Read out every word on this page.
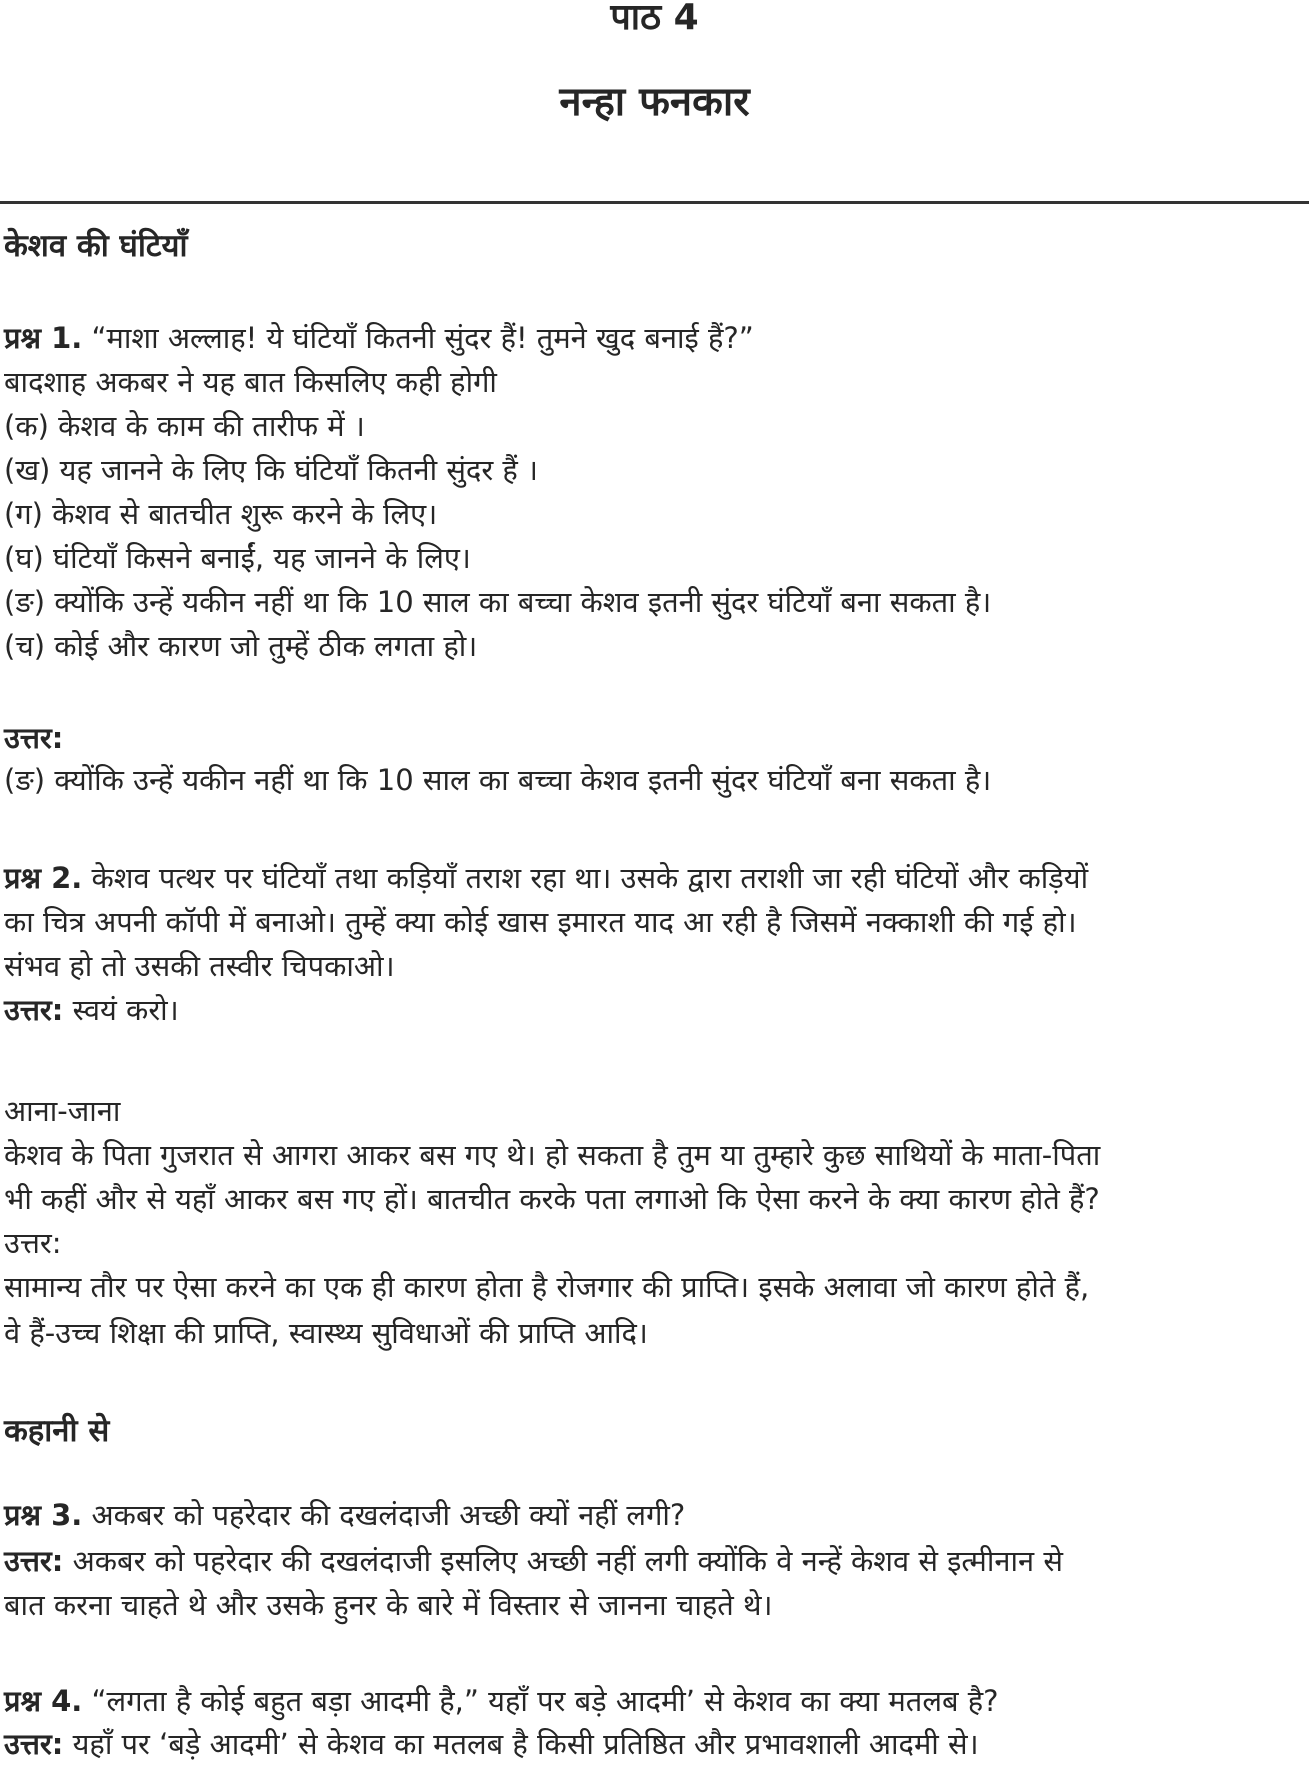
पाठ 4
नन्हा फनकार
केशव की घंटियाँ
प्रश्न 1. “माशा अल्लाह! ये घंटियाँ कितनी सुंदर हैं! तुमने खुद बनाई हैं?”
बादशाह अकबर ने यह बात किसलिए कही होगी
(क) केशव के काम की तारीफ में ।
(ख) यह जानने के लिए कि घंटियाँ कितनी सुंदर हैं ।
(ग) केशव से बातचीत शुरू करने के लिए।
(घ) घंटियाँ किसने बनाईं, यह जानने के लिए।
(ङ) क्योंकि उन्हें यकीन नहीं था कि 10 साल का बच्चा केशव इतनी सुंदर घंटियाँ बना सकता है।
(च) कोई और कारण जो तुम्हें ठीक लगता हो।
उत्तर:
(ङ) क्योंकि उन्हें यकीन नहीं था कि 10 साल का बच्चा केशव इतनी सुंदर घंटियाँ बना सकता है।
प्रश्न 2. केशव पत्थर पर घंटियाँ तथा कड़ियाँ तराश रहा था। उसके द्वारा तराशी जा रही घंटियों और कड़ियों
का चित्र अपनी कॉपी में बनाओ। तुम्हें क्या कोई खास इमारत याद आ रही है जिसमें नक्काशी की गई हो।
संभव हो तो उसकी तस्वीर चिपकाओ।
उत्तर: स्वयं करो।
आना-जाना
केशव के पिता गुजरात से आगरा आकर बस गए थे। हो सकता है तुम या तुम्हारे कुछ साथियों के माता-पिता
भी कहीं और से यहाँ आकर बस गए हों। बातचीत करके पता लगाओ कि ऐसा करने के क्या कारण होते हैं?
उत्तर:
सामान्य तौर पर ऐसा करने का एक ही कारण होता है रोजगार की प्राप्ति। इसके अलावा जो कारण होते हैं,
वे हैं-उच्च शिक्षा की प्राप्ति, स्वास्थ्य सुविधाओं की प्राप्ति आदि।
कहानी से
प्रश्न 3. अकबर को पहरेदार की दखलंदाजी अच्छी क्यों नहीं लगी?
उत्तर: अकबर को पहरेदार की दखलंदाजी इसलिए अच्छी नहीं लगी क्योंकि वे नन्हें केशव से इत्मीनान से
बात करना चाहते थे और उसके हुनर के बारे में विस्तार से जानना चाहते थे।
प्रश्न 4. “लगता है कोई बहुत बड़ा आदमी है,” यहाँ पर बड़े आदमी’ से केशव का क्या मतलब है?
उत्तर: यहाँ पर ‘बड़े आदमी’ से केशव का मतलब है किसी प्रतिष्ठित और प्रभावशाली आदमी से।
